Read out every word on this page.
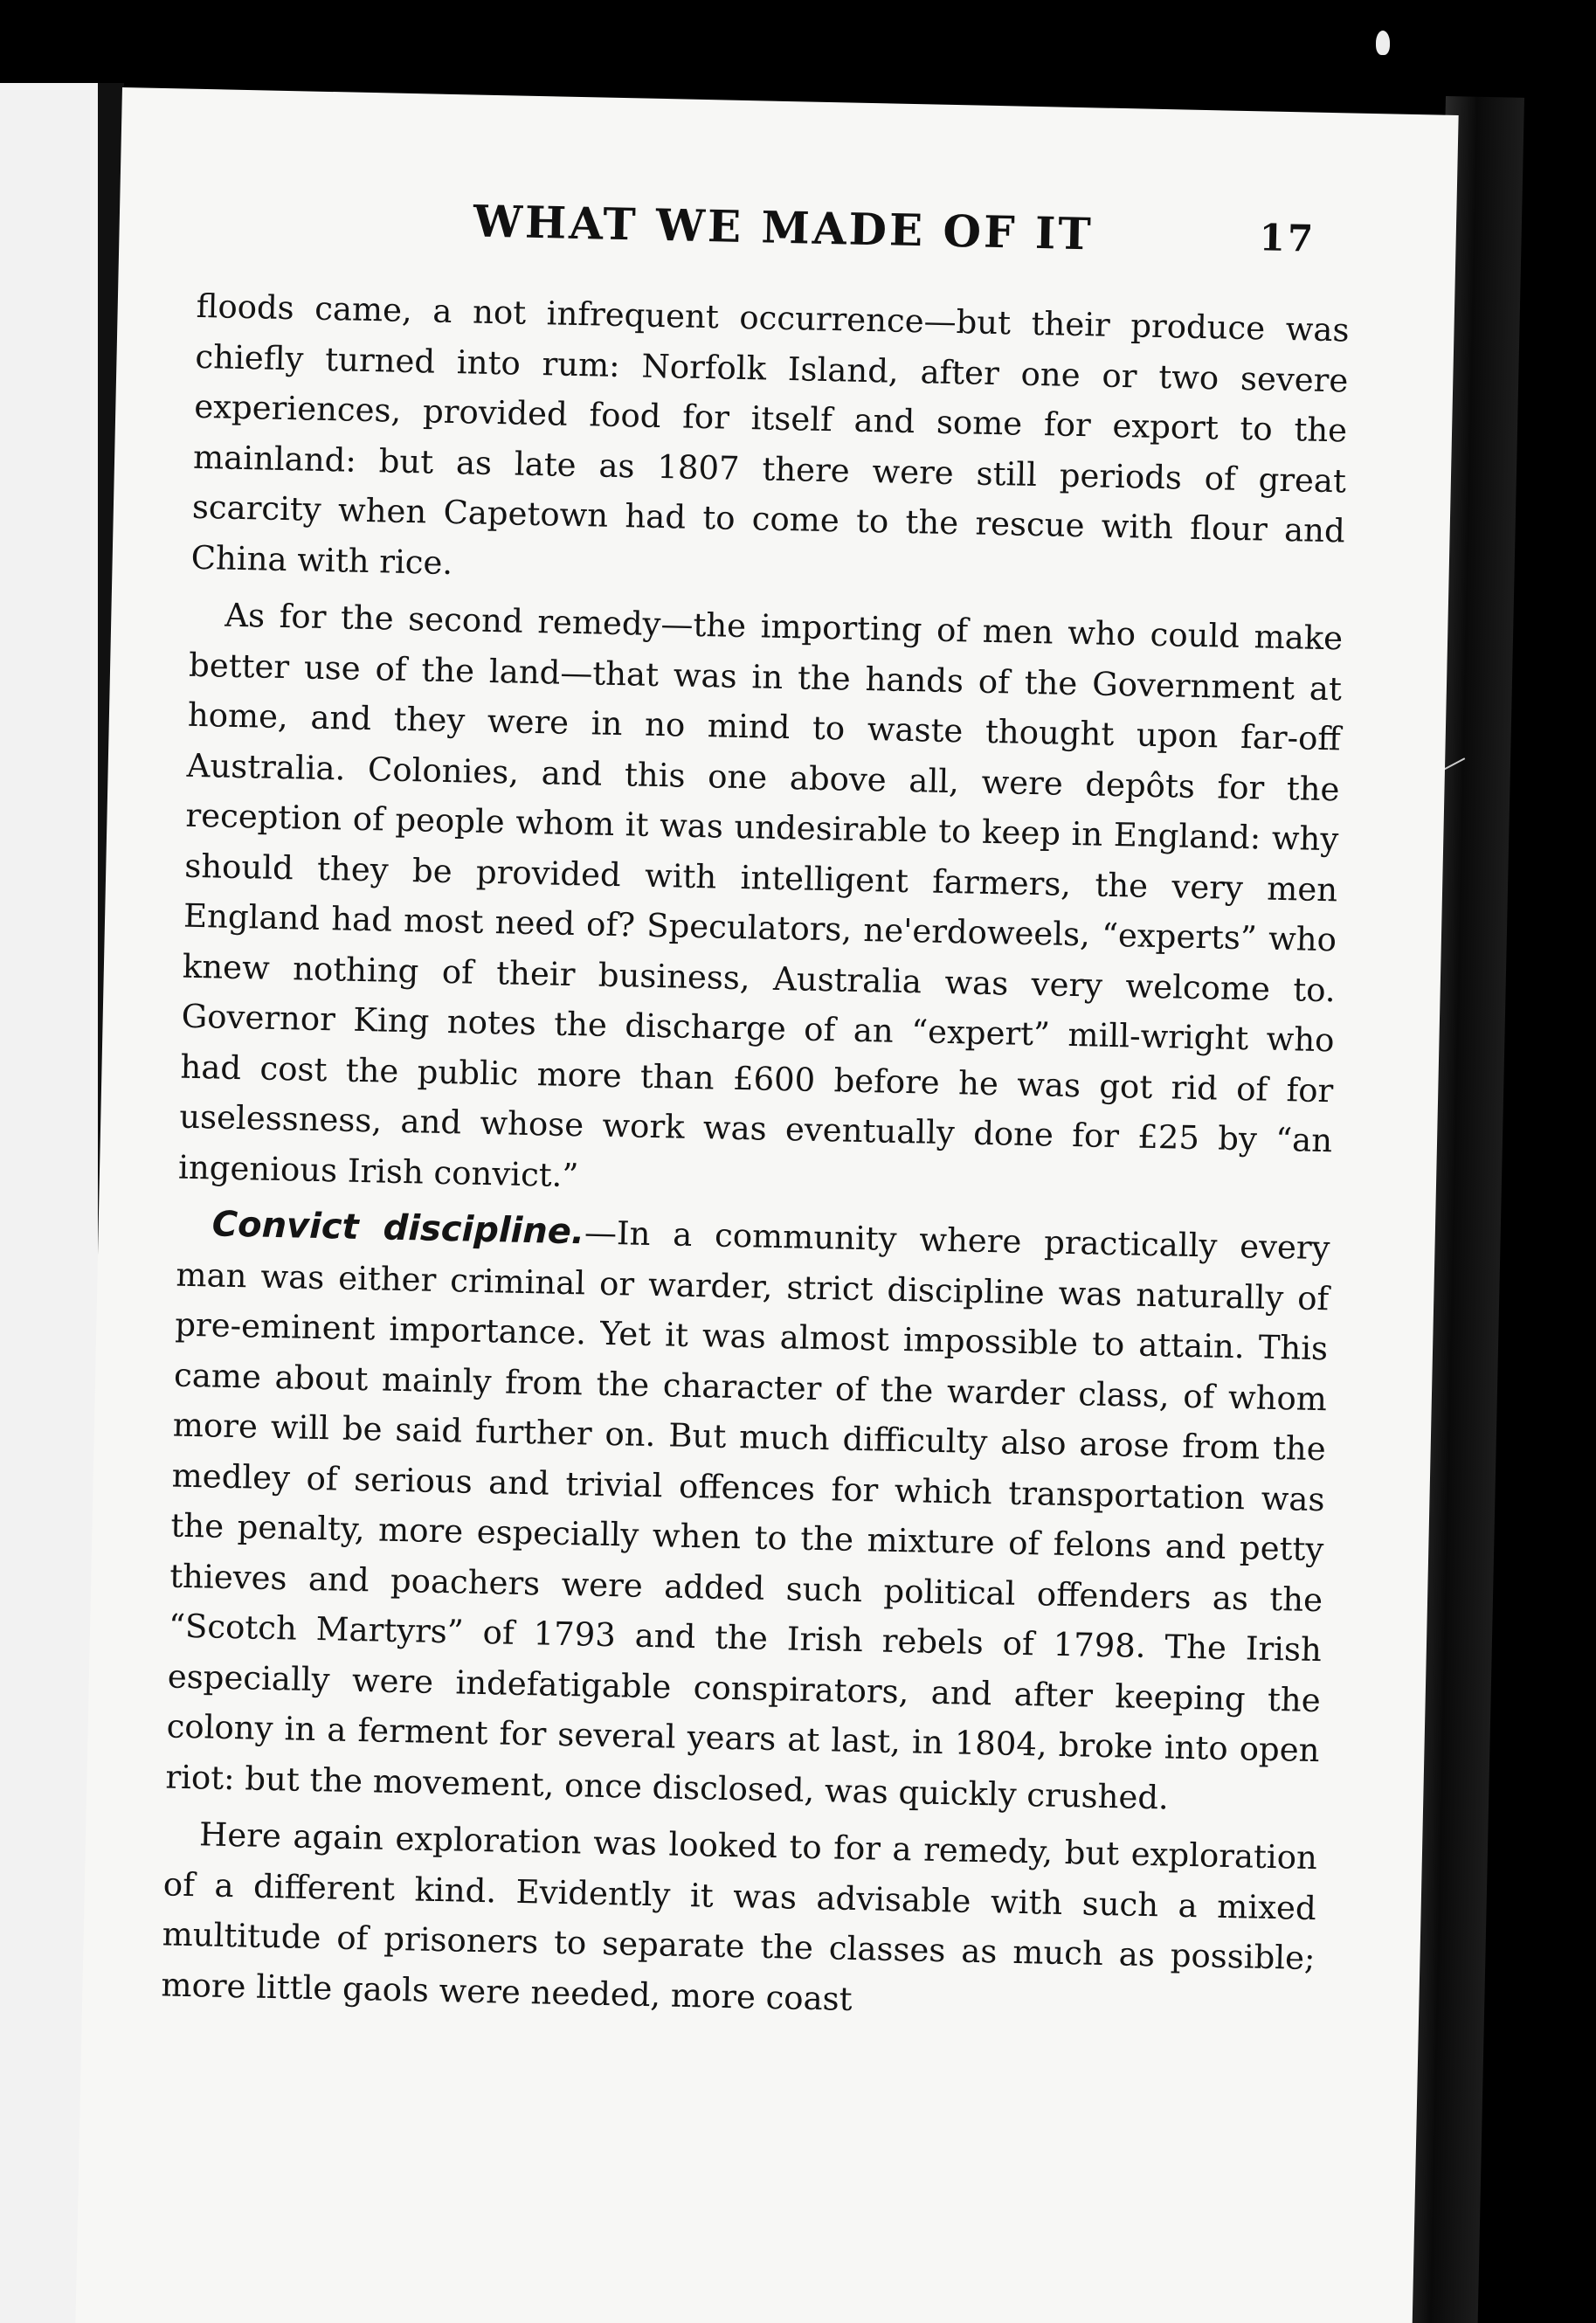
WHAT WE MADE OF IT	17

floods came, a not infrequent occurrence—but their produce was chiefly turned into rum: Norfolk Island, after one or two severe experiences, provided food for itself and some for export to the mainland: but as late as 1807 there were still periods of great scarcity when Capetown had to come to the rescue with flour and China with rice.

As for the second remedy—the importing of men who could make better use of the land—that was in the hands of the Government at home, and they were in no mind to waste thought upon far-off Australia. Colonies, and this one above all, were depôts for the reception of people whom it was undesirable to keep in England: why should they be provided with intelligent farmers, the very men England had most need of? Speculators, ne'erdoweels, “experts” who knew nothing of their business, Australia was very welcome to. Governor King notes the discharge of an “expert” mill-wright who had cost the public more than £600 before he was got rid of for uselessness, and whose work was eventually done for £25 by “an ingenious Irish convict.”

Convict discipline.—In a community where practically every man was either criminal or warder, strict discipline was naturally of pre-eminent importance. Yet it was almost impossible to attain. This came about mainly from the character of the warder class, of whom more will be said further on. But much difficulty also arose from the medley of serious and trivial offences for which transportation was the penalty, more especially when to the mixture of felons and petty thieves and poachers were added such political offenders as the “Scotch Martyrs” of 1793 and the Irish rebels of 1798. The Irish especially were indefatigable conspirators, and after keeping the colony in a ferment for several years at last, in 1804, broke into open riot: but the movement, once disclosed, was quickly crushed.

Here again exploration was looked to for a remedy, but exploration of a different kind. Evidently it was advisable with such a mixed multitude of prisoners to separate the classes as much as possible; more little gaols were needed, more coast
